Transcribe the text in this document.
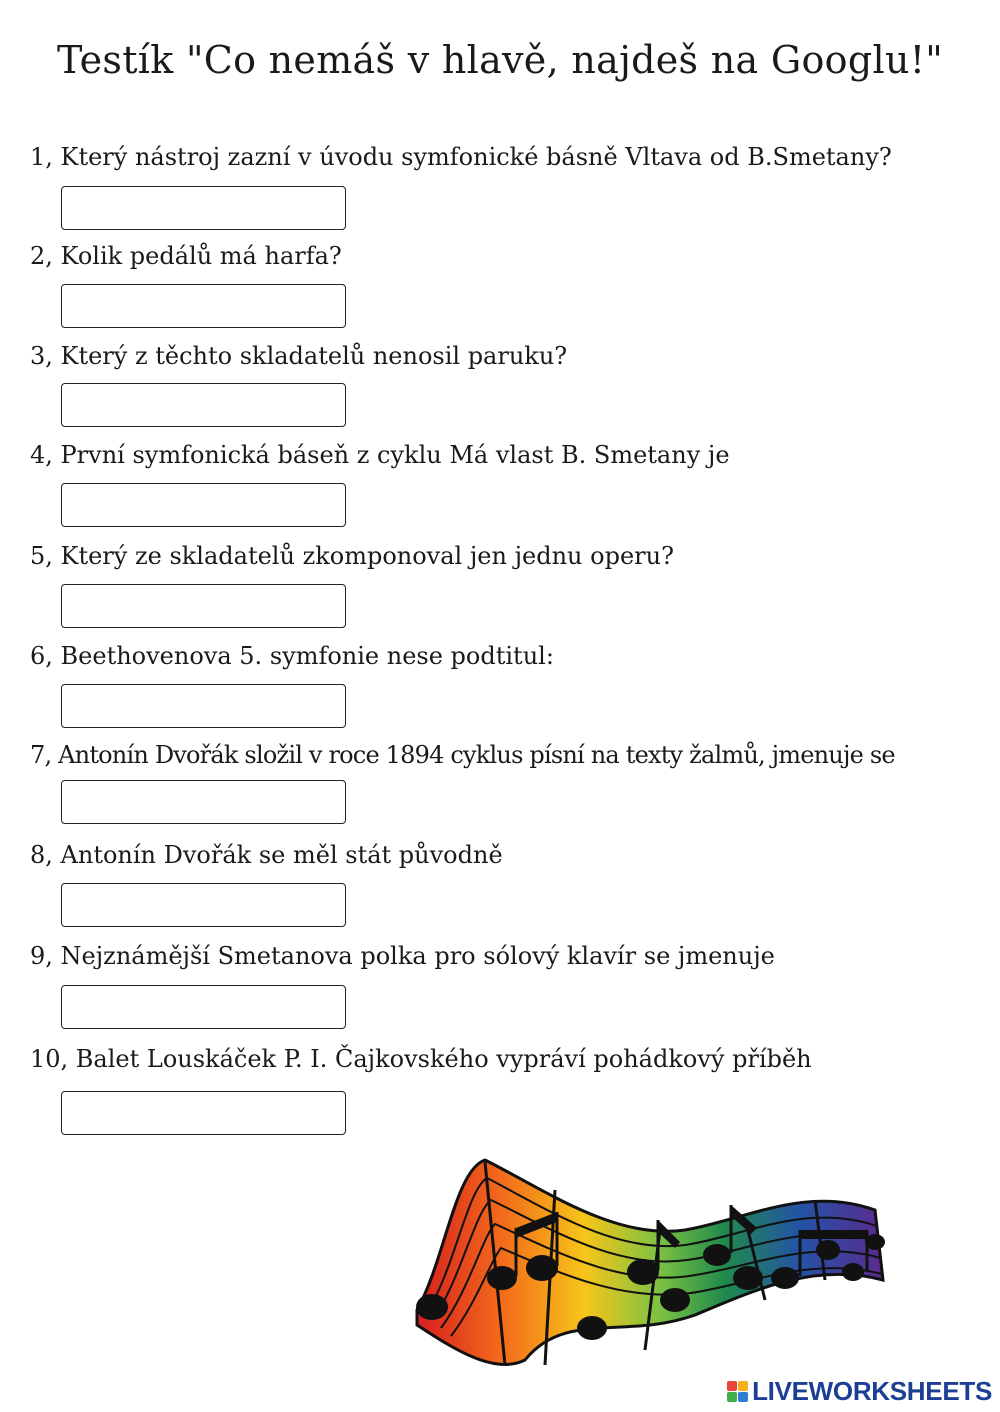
Testík "Co nemáš v hlavě, najdeš na Googlu!"
1, Který nástroj zazní v úvodu symfonické básně Vltava od B.Smetany?
2, Kolik pedálů má harfa?
3, Který z těchto skladatelů nenosil paruku?
4, První symfonická báseň z cyklu Má vlast B. Smetany je
5, Který ze skladatelů zkomponoval jen jednu operu?
6, Beethovenova 5. symfonie nese podtitul:
7, Antonín Dvořák složil v roce 1894 cyklus písní na texty žalmů, jmenuje se
8, Antonín Dvořák se měl stát původně
9, Nejznámější Smetanova polka pro sólový klavír se jmenuje
10, Balet Louskáček P. I. Čajkovského vypráví pohádkový příběh
LIVEWORKSHEETS
